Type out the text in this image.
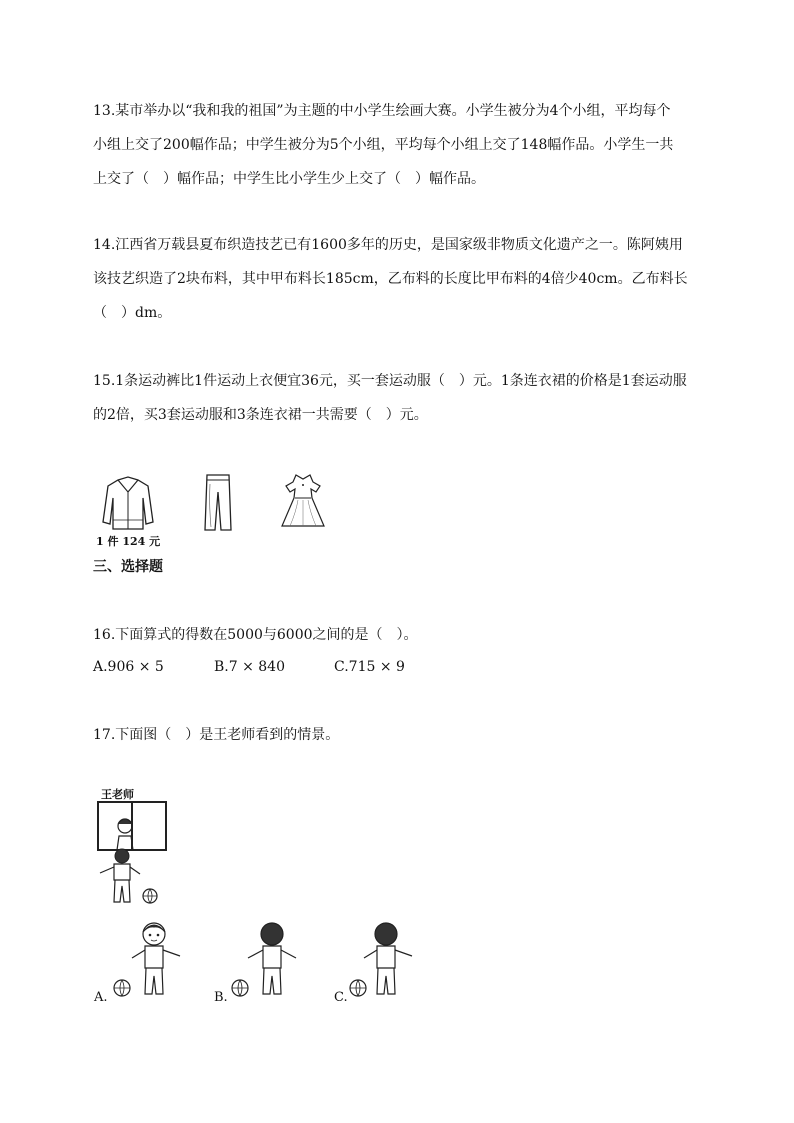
13.某市举办以“我和我的祖国”为主题的中小学生绘画大赛。小学生被分为4个小组，平均每个
小组上交了200幅作品；中学生被分为5个小组，平均每个小组上交了148幅作品。小学生一共
上交了（　）幅作品；中学生比小学生少上交了（　）幅作品。
14.江西省万载县夏布织造技艺已有1600多年的历史，是国家级非物质文化遗产之一。陈阿姨用
该技艺织造了2块布料，其中甲布料长185cm，乙布料的长度比甲布料的4倍少40cm。乙布料长
（　）dm。
15.1条运动裤比1件运动上衣便宜36元，买一套运动服（　）元。1条连衣裙的价格是1套运动服
的2倍，买3套运动服和3条连衣裙一共需要（　）元。
1 件 124 元
三、选择题
16.下面算式的得数在5000与6000之间的是（　）。
A.906 × 5	B.7 × 840	C.715 × 9
17.下面图（　）是王老师看到的情景。
王老师
A.	B.	C.
